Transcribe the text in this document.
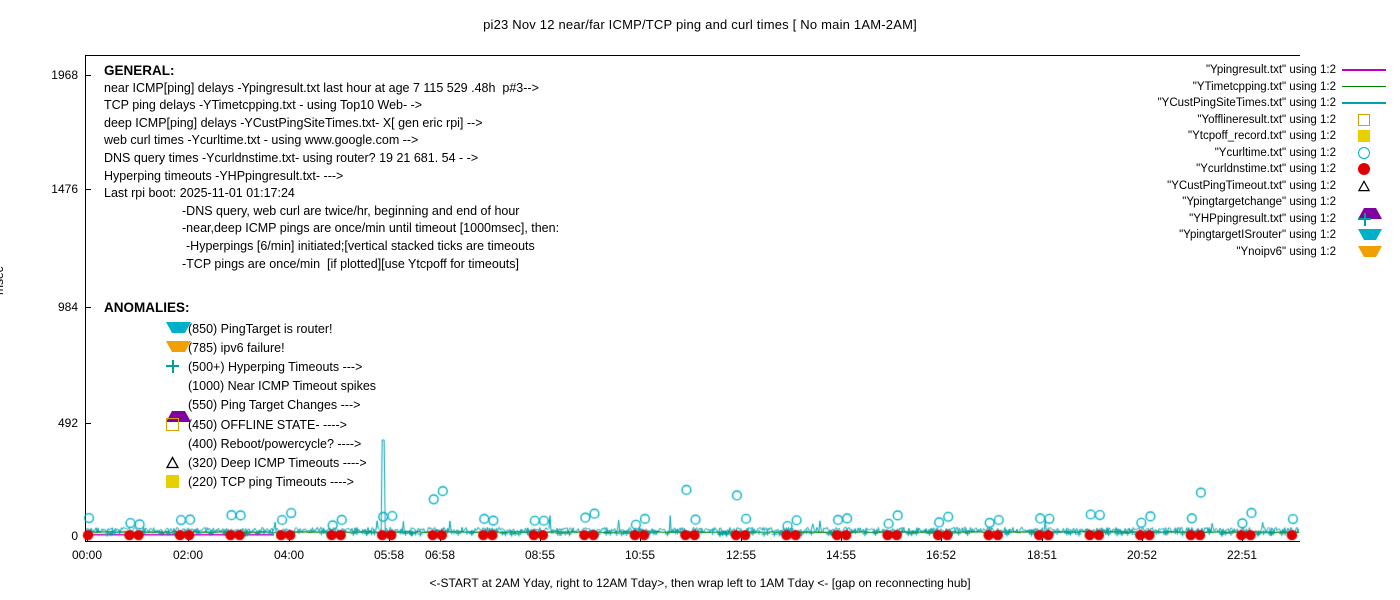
GENERAL:
near ICMP[ping] delays -Ypingresult.txt last hour at age 7 115 529 .48h  p#3-->
TCP ping delays -YTimetcpping.txt - using Top10 Web- ->
deep ICMP[ping] delays -YCustPingSiteTimes.txt- X[ gen eric rpi] -->
web curl times -Ycurltime.txt - using www.google.com -->
DNS query times -Ycurldnstime.txt- using router? 19 21 681. 54 - ->
Hyperping timeouts -YHPpingresult.txt- --->
Last rpi boot: 2025-11-01 01:17:24
-DNS query, web curl are twice/hr, beginning and end of hour
-near,deep ICMP pings are once/min until timeout [1000msec], then:
-Hyperpings [6/min] initiated;[vertical stacked ticks are timeouts
-TCP pings are once/min  [if plotted][use Ytcpoff for timeouts]
ANOMALIES:
(850) PingTarget is router!
(785) ipv6 failure!
(500+) Hyperping Timeouts --->
(1000) Near ICMP Timeout spikes
(550) Ping Target Changes --->
(450) OFFLINE STATE- ---->
(400) Reboot/powercycle? ---->
(320) Deep ICMP Timeouts ---->
(220) TCP ping Timeouts ---->
"Ypingresult.txt" using 1:2
"YTimetcpping.txt" using 1:2
"YCustPingSiteTimes.txt" using 1:2
"Yofflineresult.txt" using 1:2
"Ytcpoff_record.txt" using 1:2
"Ycurltime.txt" using 1:2
"Ycurldnstime.txt" using 1:2
"YCustPingTimeout.txt" using 1:2
"Ypingtargetchange" using 1:2
"YHPpingresult.txt" using 1:2
"YpingtargetISrouter" using 1:2
"Ynoipv6" using 1:2
